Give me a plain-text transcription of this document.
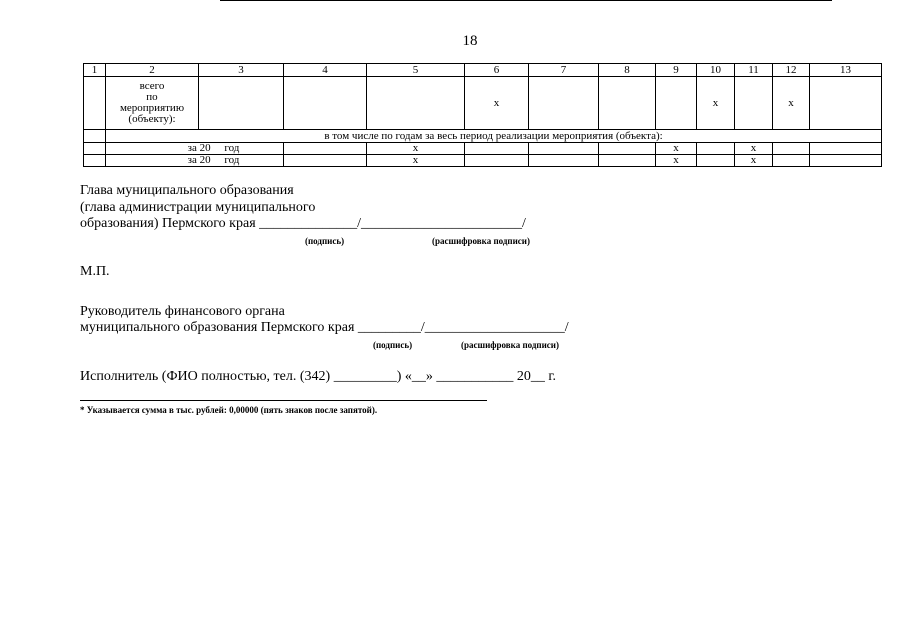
18
1	2	3	4	5	6	7	8	9	10	11	12	13
	всего
по
мероприятию
(объекту):				x				x		x	
	в том числе по годам за весь период реализации мероприятия (объекта):											
	за 20     год			x				x		x		
	за 20     год			x				x		x		
Глава муниципального образования
(глава администрации муниципального
образования) Пермского края ______________/_______________________/
(подпись)	(расшифровка подписи)
М.П.
Руководитель финансового органа
муниципального образования Пермского края _________/____________________/
(подпись)	(расшифровка подписи)
Исполнитель (ФИО полностью, тел. (342) _________) «__» ___________ 20__ г.
* Указывается сумма в тыс. рублей: 0,00000 (пять знаков после запятой).
